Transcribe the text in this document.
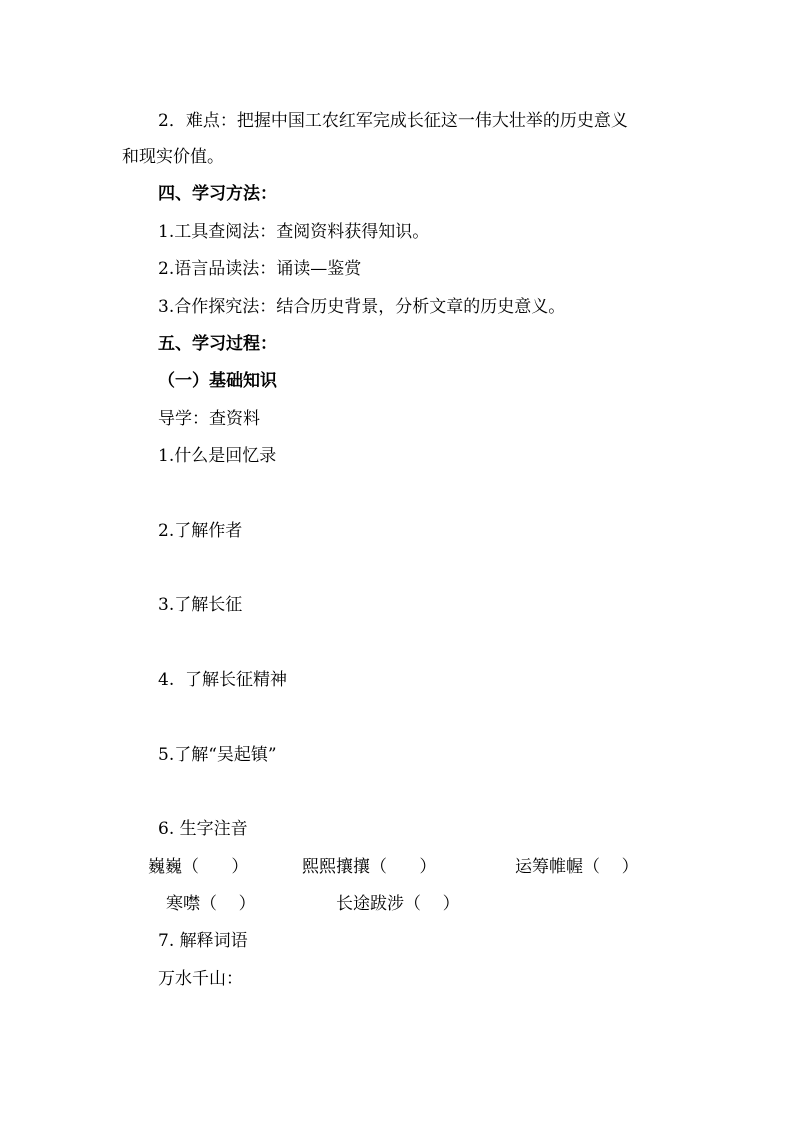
2．难点：把握中国工农红军完成长征这一伟大壮举的历史意义
和现实价值。
四、学习方法：
1.工具查阅法：查阅资料获得知识。
2.语言品读法：诵读—鉴赏
3.合作探究法：结合历史背景，分析文章的历史意义。
五、学习过程：
（一）基础知识
导学：查资料
1.什么是回忆录
2.了解作者
3.了解长征
4.  了解长征精神
5.了解“吴起镇”
6. 生字注音
巍巍（      ）	熙熙攘攘（      ）	运筹帷幄（    ）
寒噤（    ）	长途跋涉（    ）
7. 解释词语
万水千山：
